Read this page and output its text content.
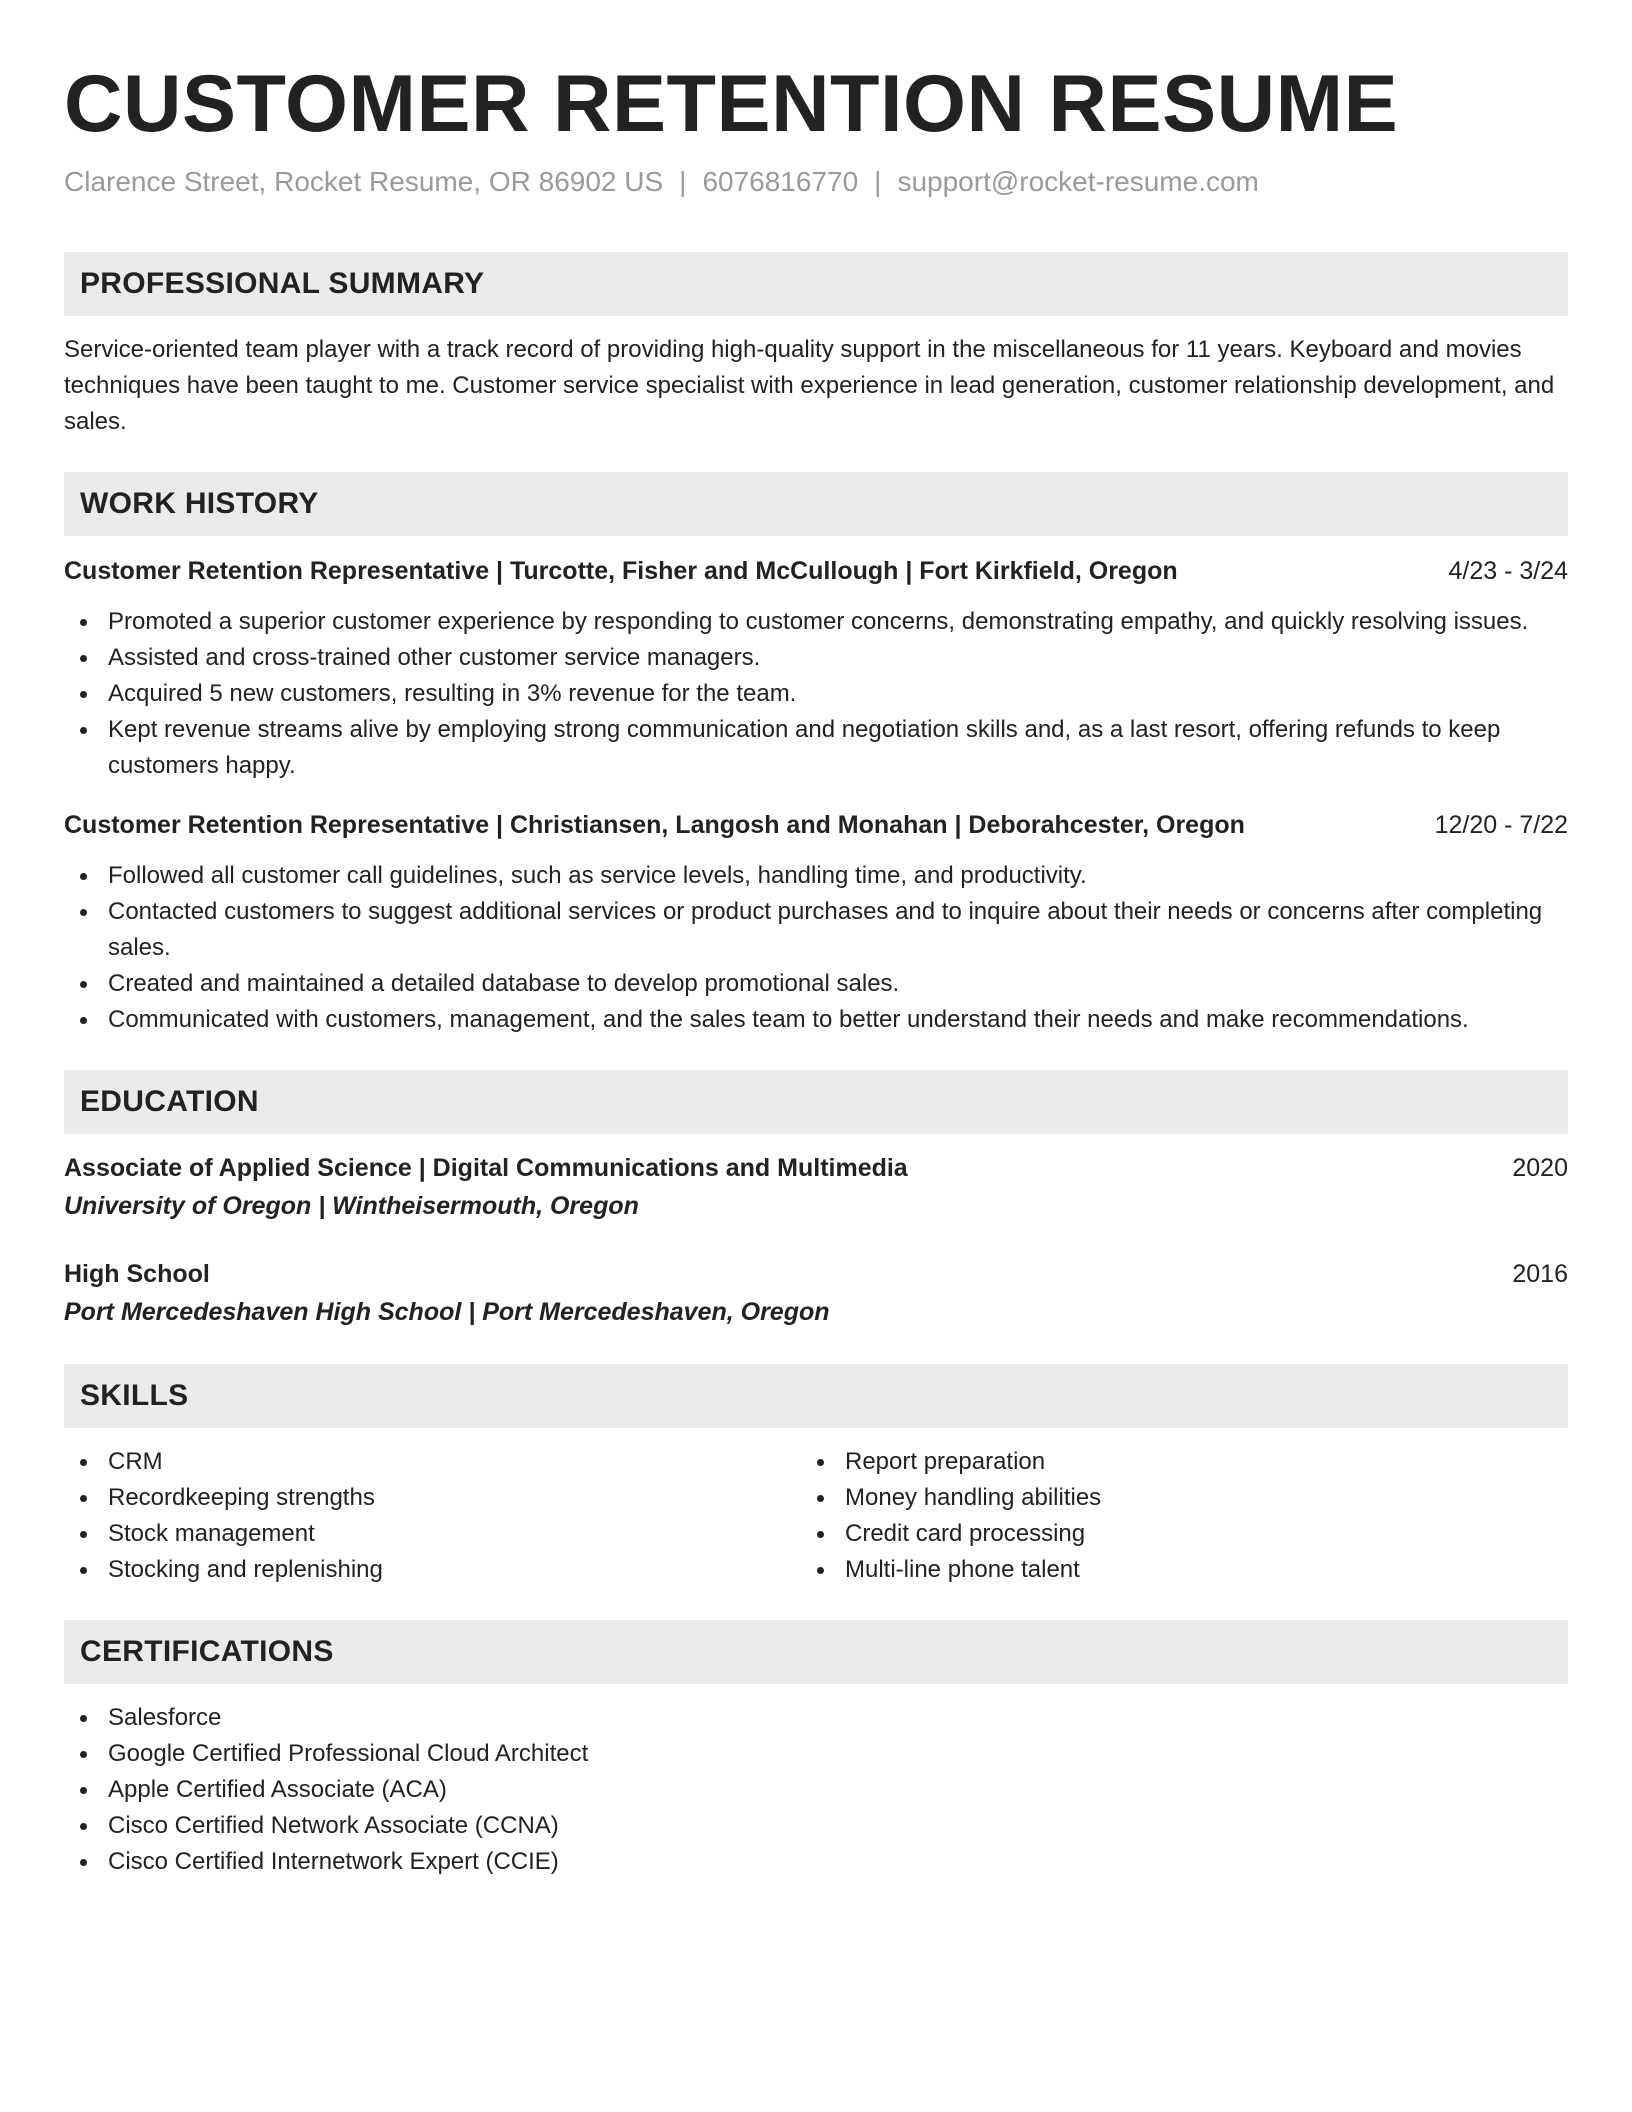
CUSTOMER RETENTION RESUME
Clarence Street, Rocket Resume, OR 86902 US | 6076816770 | support@rocket-resume.com
PROFESSIONAL SUMMARY
Service-oriented team player with a track record of providing high-quality support in the miscellaneous for 11 years. Keyboard and movies techniques have been taught to me. Customer service specialist with experience in lead generation, customer relationship development, and sales.
WORK HISTORY
Customer Retention Representative | Turcotte, Fisher and McCullough | Fort Kirkfield, Oregon	4/23 - 3/24
Promoted a superior customer experience by responding to customer concerns, demonstrating empathy, and quickly resolving issues.
Assisted and cross-trained other customer service managers.
Acquired 5 new customers, resulting in 3% revenue for the team.
Kept revenue streams alive by employing strong communication and negotiation skills and, as a last resort, offering refunds to keep customers happy.
Customer Retention Representative | Christiansen, Langosh and Monahan | Deborahcester, Oregon	12/20 - 7/22
Followed all customer call guidelines, such as service levels, handling time, and productivity.
Contacted customers to suggest additional services or product purchases and to inquire about their needs or concerns after completing sales.
Created and maintained a detailed database to develop promotional sales.
Communicated with customers, management, and the sales team to better understand their needs and make recommendations.
EDUCATION
Associate of Applied Science | Digital Communications and Multimedia	2020
University of Oregon | Wintheisermouth, Oregon
High School	2016
Port Mercedeshaven High School | Port Mercedeshaven, Oregon
SKILLS
CRM
Recordkeeping strengths
Stock management
Stocking and replenishing
Report preparation
Money handling abilities
Credit card processing
Multi-line phone talent
CERTIFICATIONS
Salesforce
Google Certified Professional Cloud Architect
Apple Certified Associate (ACA)
Cisco Certified Network Associate (CCNA)
Cisco Certified Internetwork Expert (CCIE)
